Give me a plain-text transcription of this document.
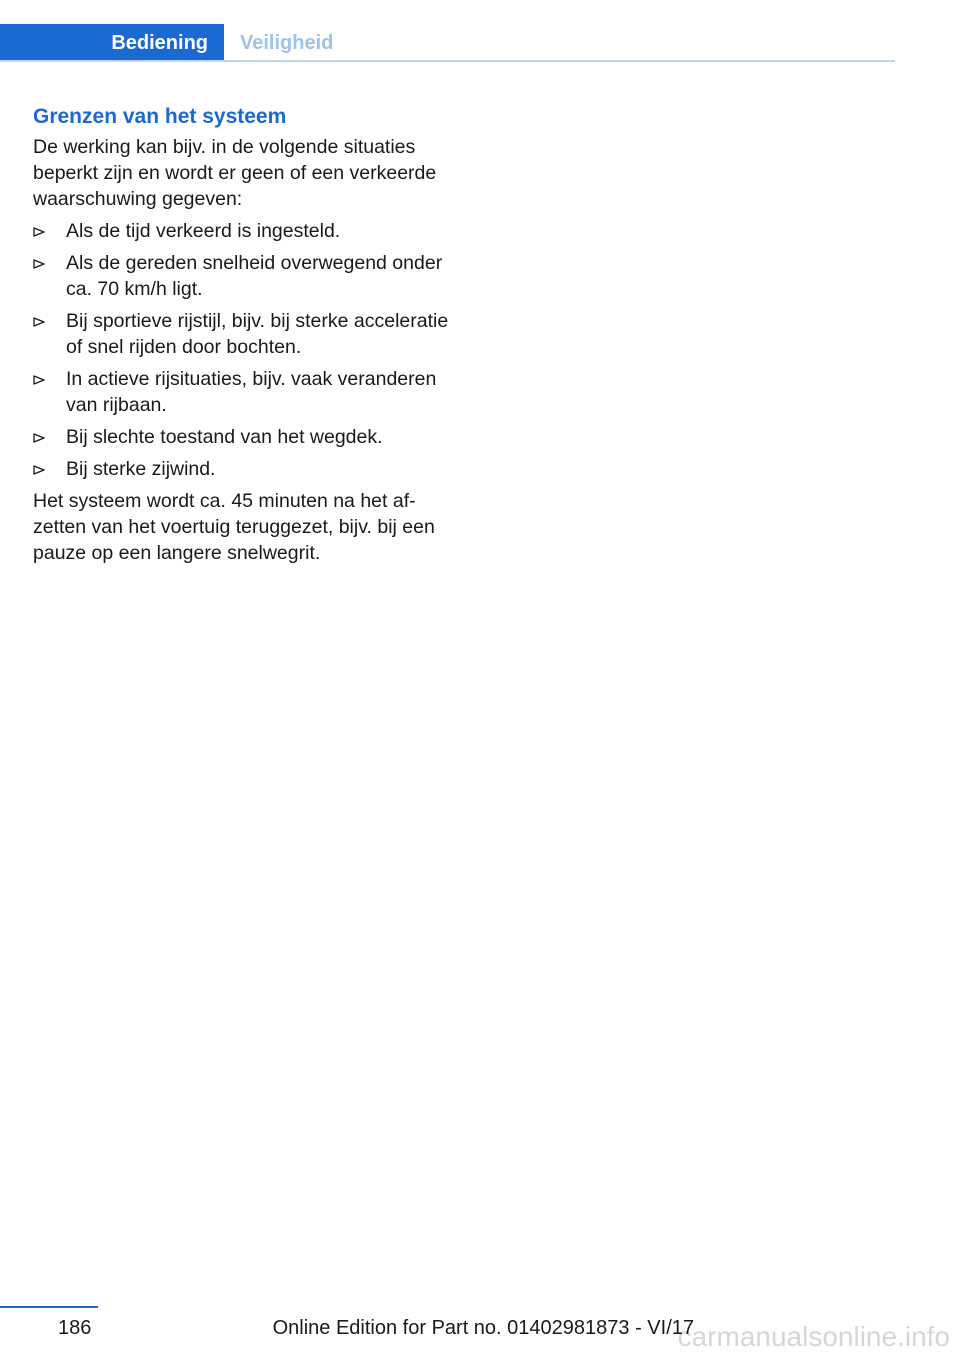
Bediening	Veiligheid
Grenzen van het systeem

De werking kan bijv. in de volgende situaties beperkt zijn en wordt er geen of een verkeerde waarschuwing gegeven:

Als de tijd verkeerd is ingesteld.
Als de gereden snelheid overwegend onder ca. 70 km/h ligt.
Bij sportieve rijstijl, bijv. bij sterke acceleratie of snel rijden door bochten.
In actieve rijsituaties, bijv. vaak veranderen van rijbaan.
Bij slechte toestand van het wegdek.
Bij sterke zijwind.

Het systeem wordt ca. 45 minuten na het afzetten van het voertuig teruggezet, bijv. bij een pauze op een langere snelwegrit.

186	carmanualsonline.info
Online Edition for Part no. 01402981873 - VI/17
